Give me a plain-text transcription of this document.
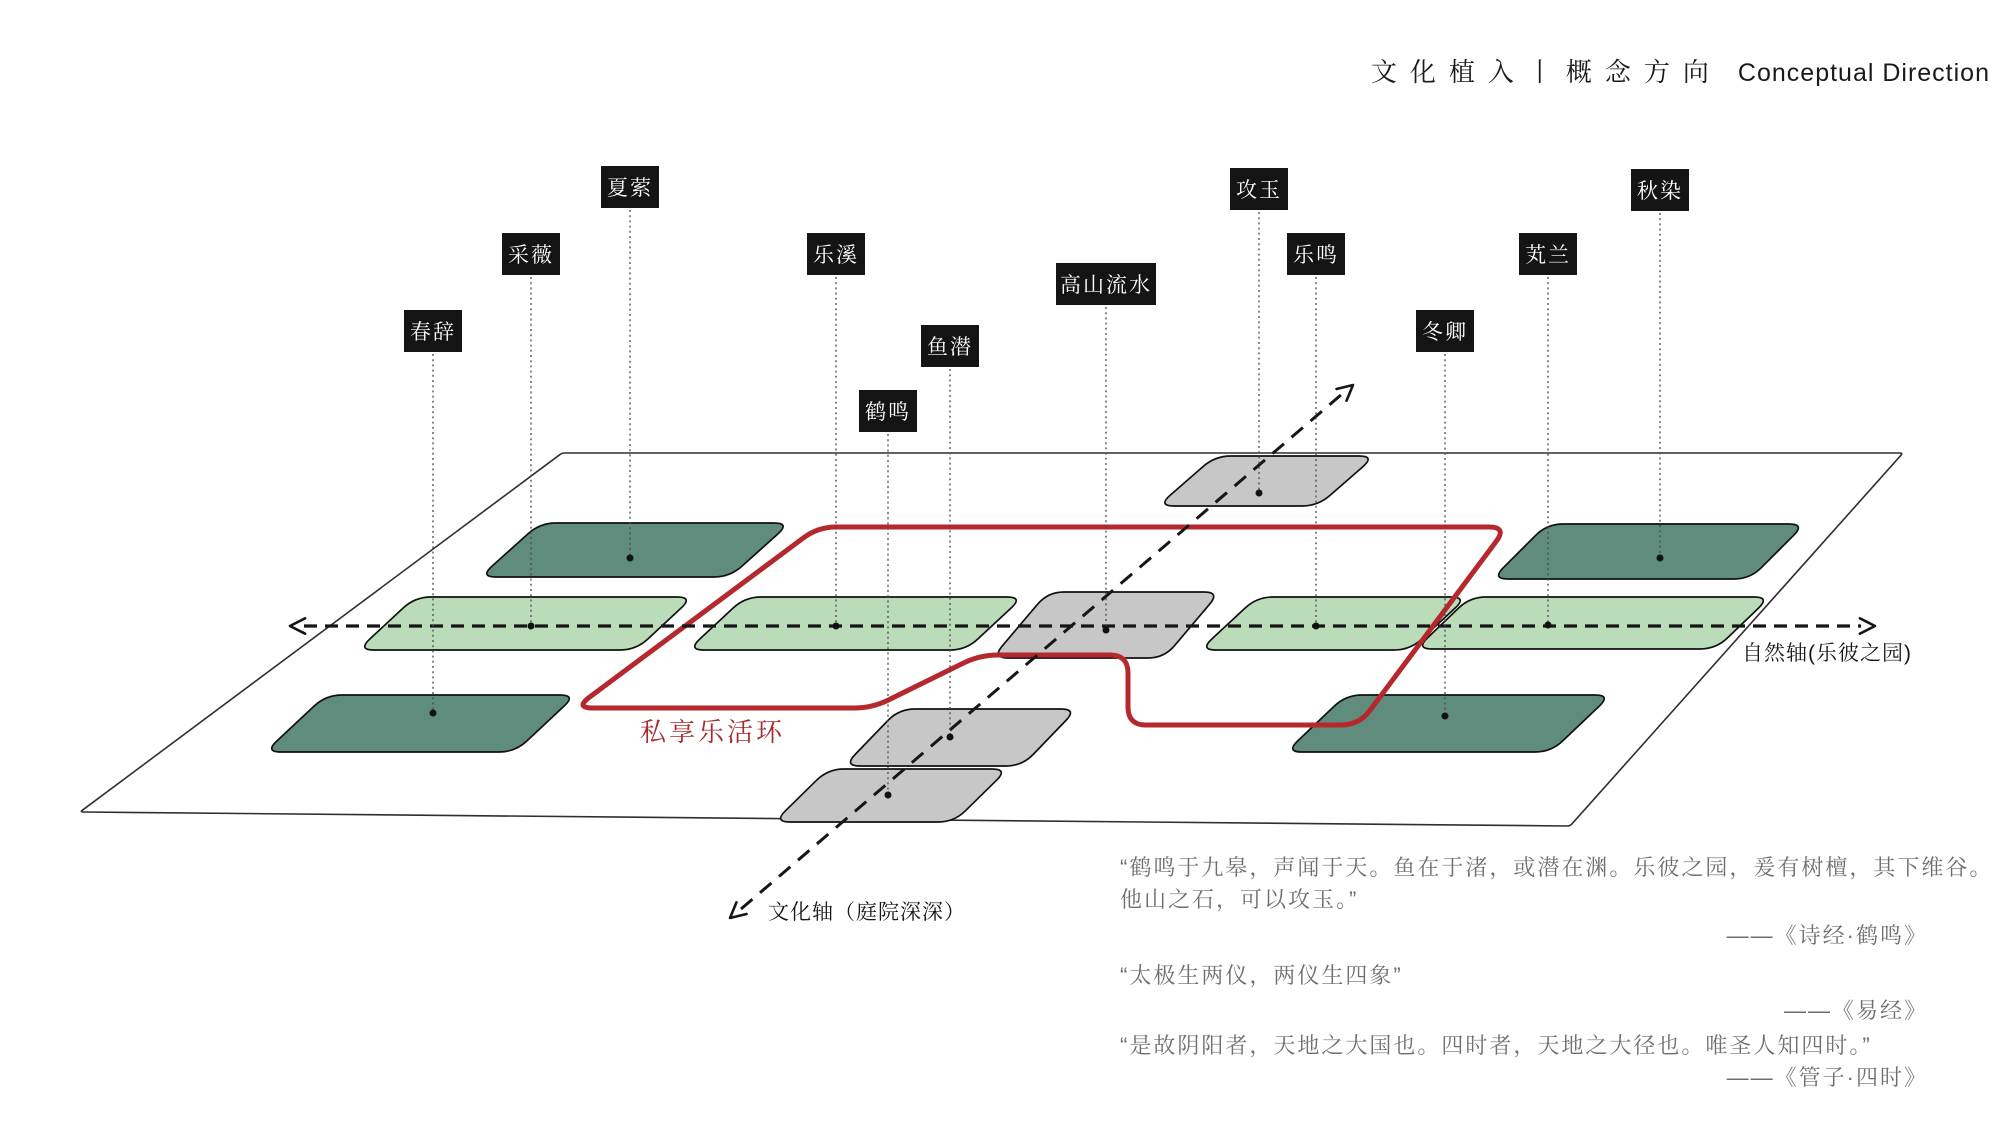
文化植入丨概念方向 Conceptual Direction
私享乐活环
自然轴(乐彼之园)
文化轴（庭院深深）
春辞
采薇
夏萦
乐溪
鱼潜
鹤鸣
高山流水
攻玉
乐鸣
冬卿
芄兰
秋染
“鹤鸣于九皋，声闻于天。鱼在于渚，或潜在渊。乐彼之园，爰有树檀，其下维谷。
他山之石，可以攻玉。”
——《诗经·鹤鸣》
“太极生两仪，两仪生四象”
——《易经》
“是故阴阳者，天地之大国也。四时者，天地之大径也。唯圣人知四时。”
——《管子·四时》
